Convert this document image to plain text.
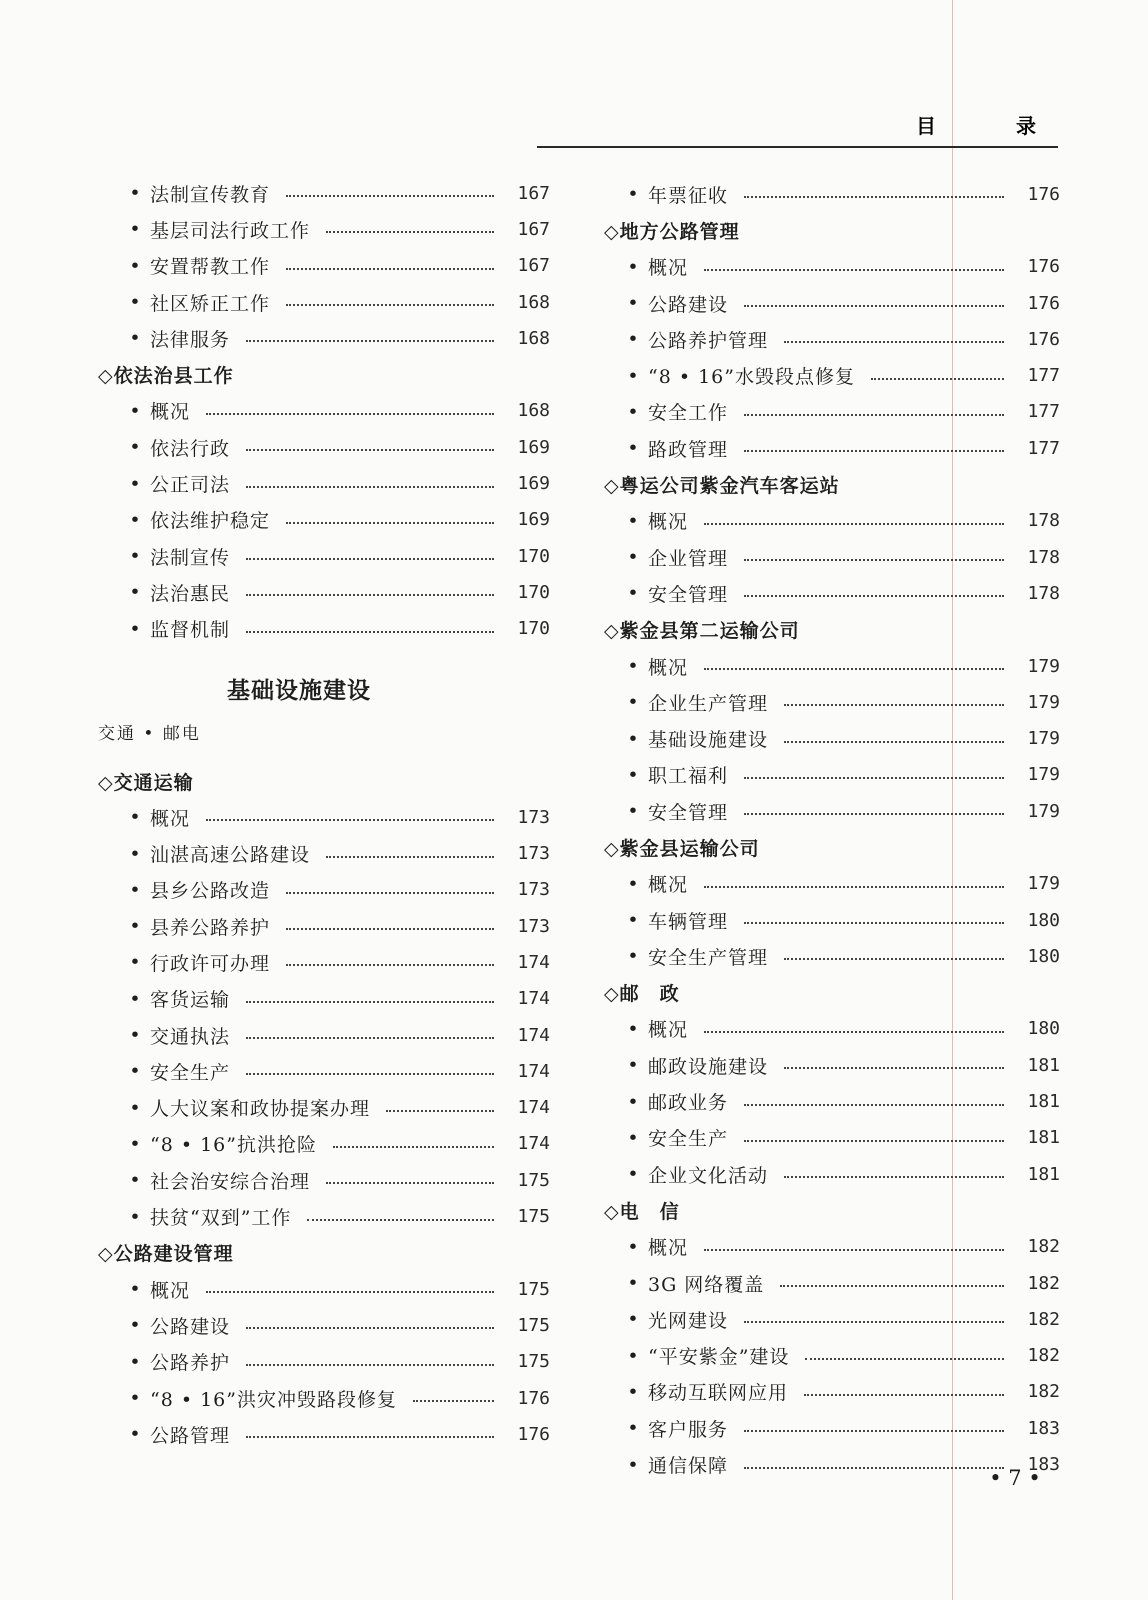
目	录
• 法制宣传教育	167
• 基层司法行政工作	167
• 安置帮教工作	167
• 社区矫正工作	168
• 法律服务	168
◇依法治县工作
• 概况	168
• 依法行政	169
• 公正司法	169
• 依法维护稳定	169
• 法制宣传	170
• 法治惠民	170
• 监督机制	170
基础设施建设
交通 • 邮电
◇交通运输
• 概况	173
• 汕湛高速公路建设	173
• 县乡公路改造	173
• 县养公路养护	173
• 行政许可办理	174
• 客货运输	174
• 交通执法	174
• 安全生产	174
• 人大议案和政协提案办理	174
• “8 • 16”抗洪抢险	174
• 社会治安综合治理	175
• 扶贫“双到”工作	175
◇公路建设管理
• 概况	175
• 公路建设	175
• 公路养护	175
• “8 • 16”洪灾冲毁路段修复	176
• 公路管理	176
• 年票征收	176
◇地方公路管理
• 概况	176
• 公路建设	176
• 公路养护管理	176
• “8 • 16”水毁段点修复	177
• 安全工作	177
• 路政管理	177
◇粤运公司紫金汽车客运站
• 概况	178
• 企业管理	178
• 安全管理	178
◇紫金县第二运输公司
• 概况	179
• 企业生产管理	179
• 基础设施建设	179
• 职工福利	179
• 安全管理	179
◇紫金县运输公司
• 概况	179
• 车辆管理	180
• 安全生产管理	180
◇邮　政
• 概况	180
• 邮政设施建设	181
• 邮政业务	181
• 安全生产	181
• 企业文化活动	181
◇电　信
• 概况	182
• 3G 网络覆盖	182
• 光网建设	182
• “平安紫金”建设	182
• 移动互联网应用	182
• 客户服务	183
• 通信保障	183
• 7 •
